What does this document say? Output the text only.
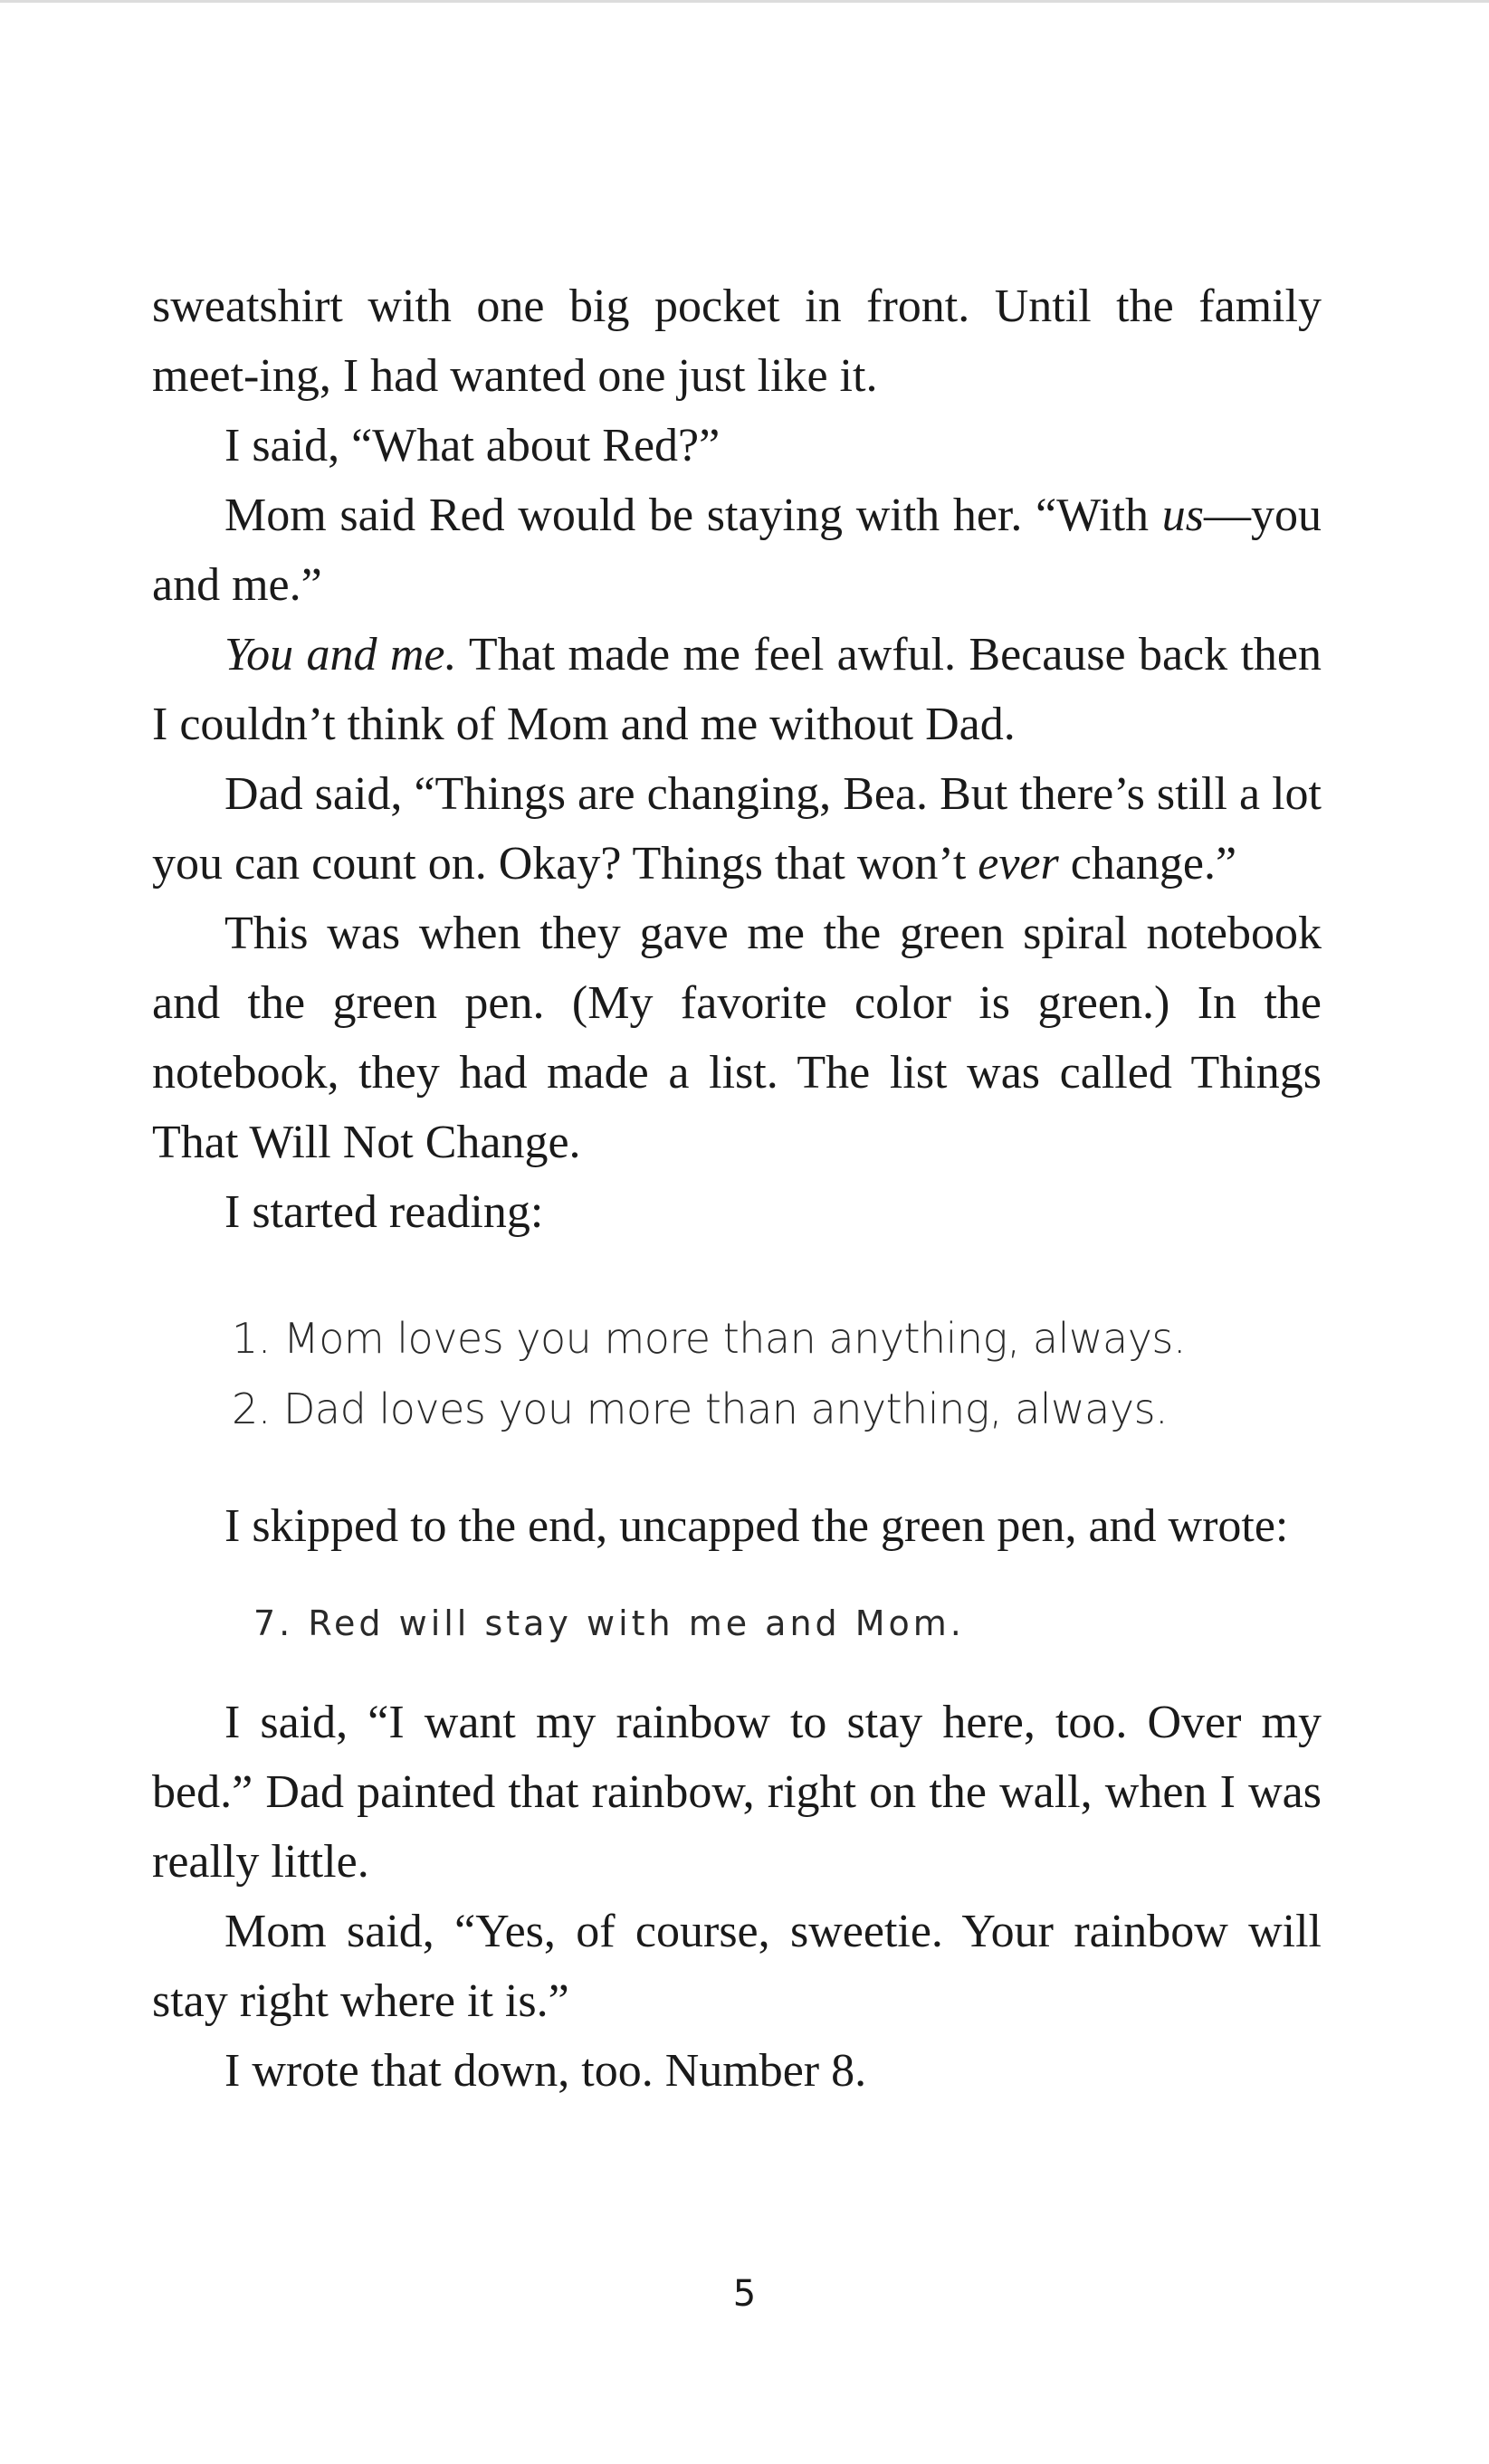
sweatshirt with one big pocket in front. Until the family meet-ing, I had wanted one just like it.

I said, “What about Red?”

Mom said Red would be staying with her. “With us—you and me.”

You and me. That made me feel awful. Because back then I couldn’t think of Mom and me without Dad.

Dad said, “Things are changing, Bea. But there’s still a lot you can count on. Okay? Things that won’t ever change.”

This was when they gave me the green spiral notebook and the green pen. (My favorite color is green.) In the notebook, they had made a list. The list was called Things That Will Not Change.

I started reading:

1. Mom loves you more than anything, always.
2. Dad loves you more than anything, always.

I skipped to the end, uncapped the green pen, and wrote:

7. Red will stay with me and Mom.

I said, “I want my rainbow to stay here, too. Over my bed.” Dad painted that rainbow, right on the wall, when I was really little.

Mom said, “Yes, of course, sweetie. Your rainbow will stay right where it is.”

I wrote that down, too. Number 8.

5
